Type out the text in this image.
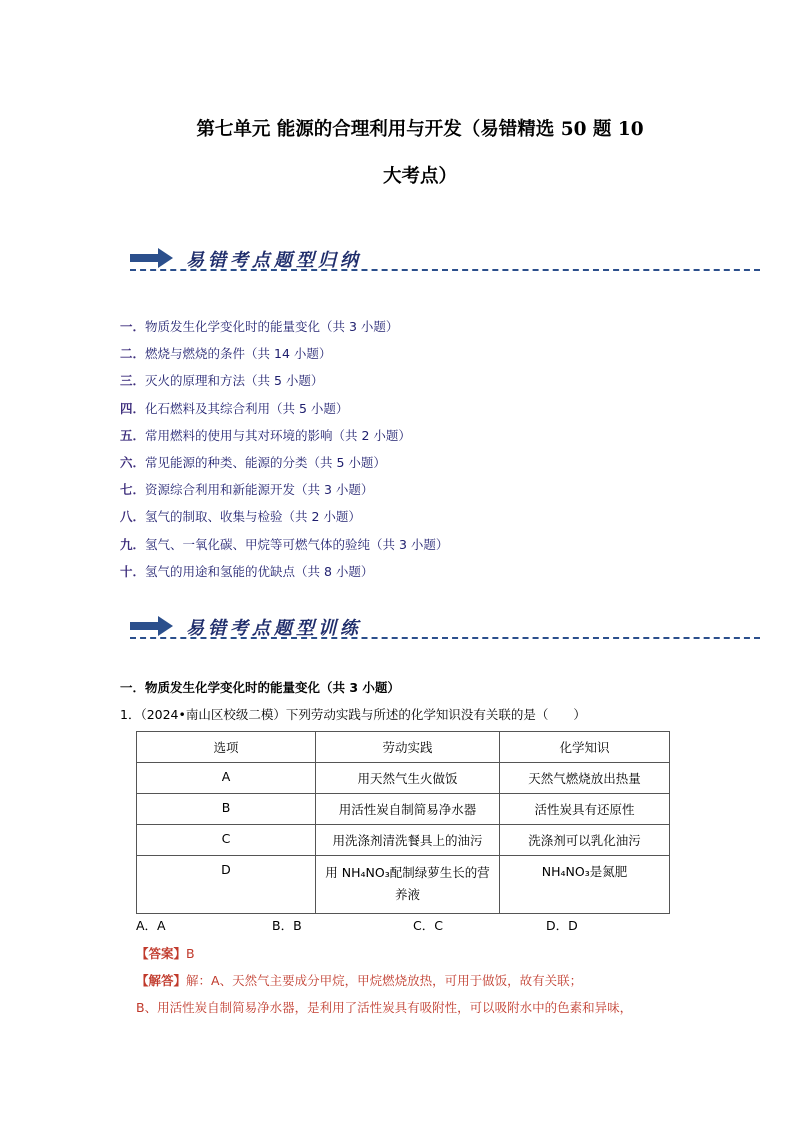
第七单元 能源的合理利用与开发（易错精选 50 题 10
大考点）
易错考点题型归纳
一．物质发生化学变化时的能量变化（共 3 小题）
二．燃烧与燃烧的条件（共 14 小题）
三．灭火的原理和方法（共 5 小题）
四．化石燃料及其综合利用（共 5 小题）
五．常用燃料的使用与其对环境的影响（共 2 小题）
六．常见能源的种类、能源的分类（共 5 小题）
七．资源综合利用和新能源开发（共 3 小题）
八．氢气的制取、收集与检验（共 2 小题）
九．氢气、一氧化碳、甲烷等可燃气体的验纯（共 3 小题）
十．氢气的用途和氢能的优缺点（共 8 小题）
易错考点题型训练
一．物质发生化学变化时的能量变化（共 3 小题）
1．（2024•南山区校级二模）下列劳动实践与所述的化学知识没有关联的是（　　）
选项	劳动实践	化学知识
A	用天然气生火做饭	天然气燃烧放出热量
B	用活性炭自制简易净水器	活性炭具有还原性
C	用洗涤剂清洗餐具上的油污	洗涤剂可以乳化油污
D	用 NH₄NO₃配制绿萝生长的营养液	NH₄NO₃是氮肥
A．A	B．B	C．C	D．D
【答案】B
【解答】解：A、天然气主要成分甲烷，甲烷燃烧放热，可用于做饭，故有关联；
B、用活性炭自制简易净水器，是利用了活性炭具有吸附性，可以吸附水中的色素和异味，
